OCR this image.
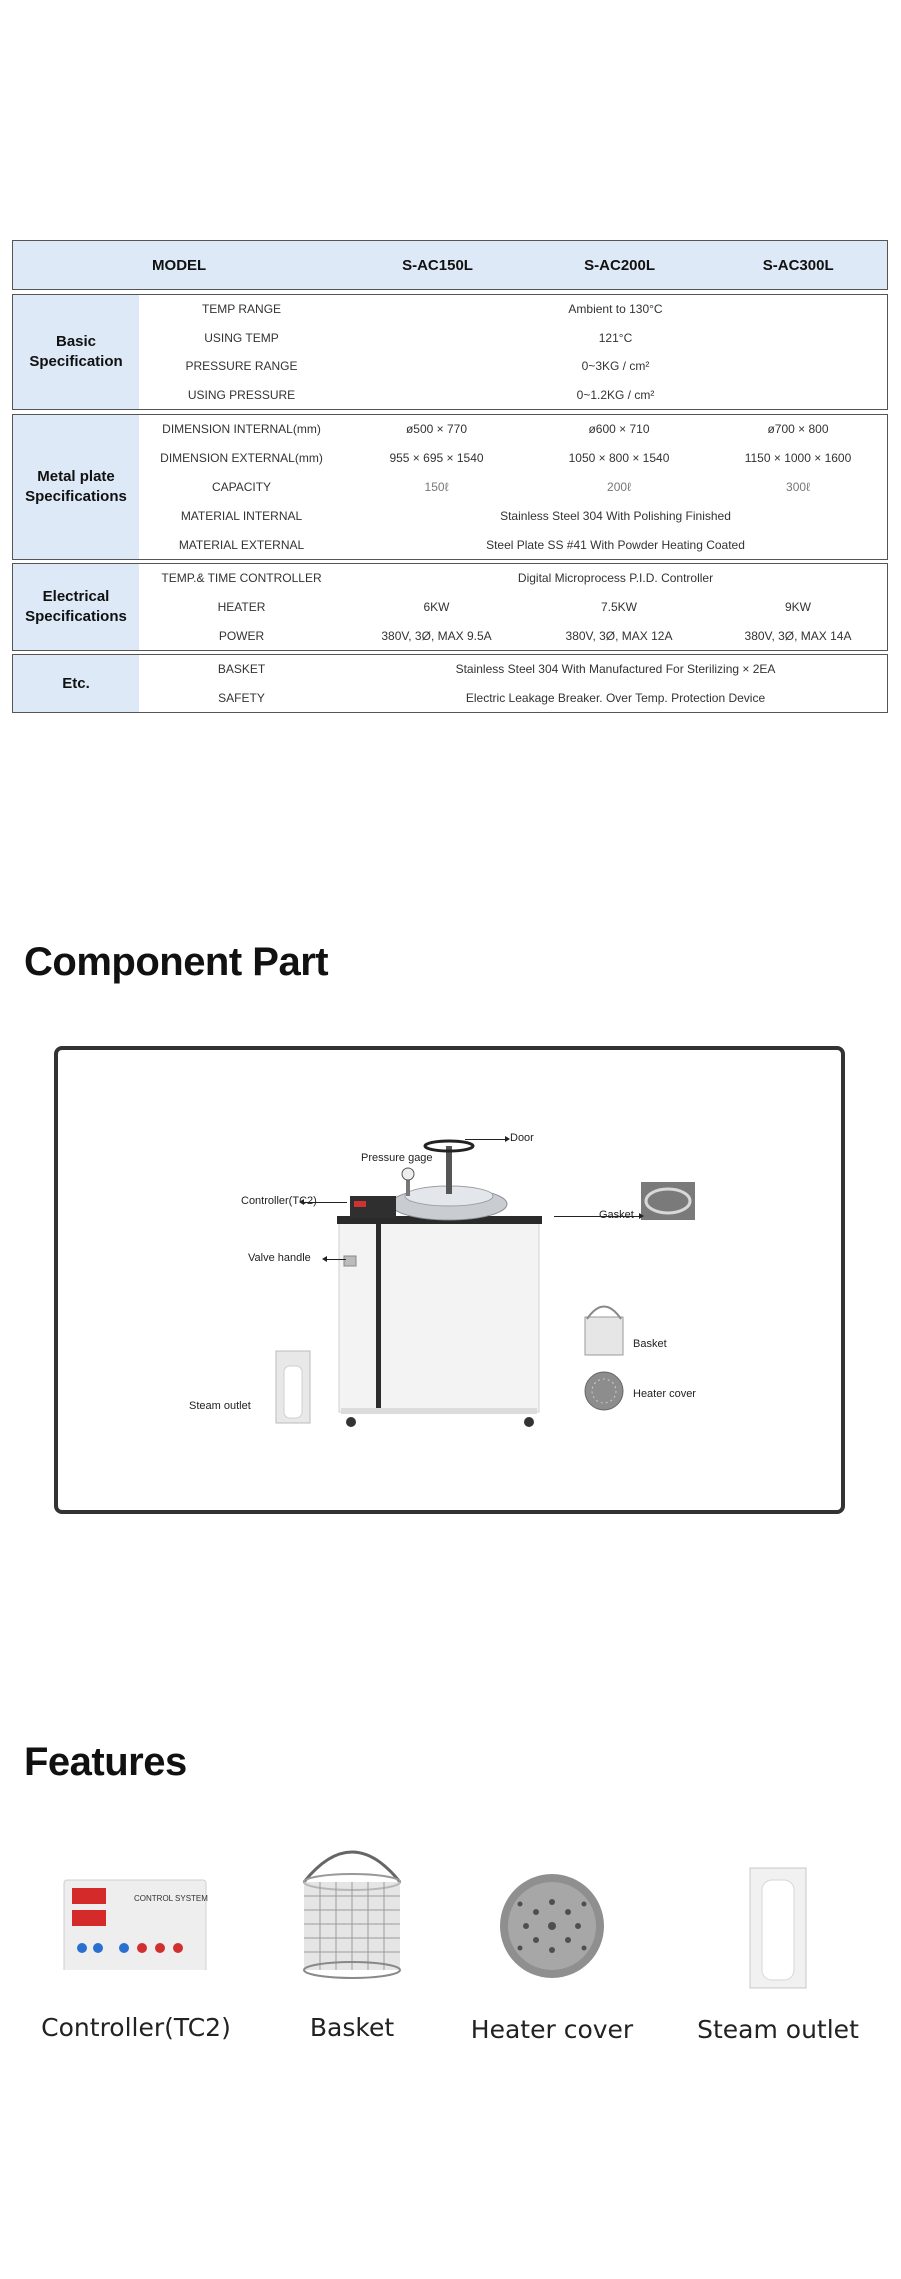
MODEL	S-AC150L	S-AC200L	S-AC300L
Basic Specification
TEMP RANGE	Ambient to 130°C
USING TEMP	121°C
PRESSURE RANGE	0~3KG / cm²
USING PRESSURE	0~1.2KG / cm²
Metal plate Specifications
DIMENSION INTERNAL(mm)	ø500 × 770	ø600 × 710	ø700 × 800
DIMENSION EXTERNAL(mm)	955 × 695 × 1540	1050 × 800 × 1540	1150 × 1000 × 1600
CAPACITY	150ℓ	200ℓ	300ℓ
MATERIAL INTERNAL	Stainless Steel 304 With Polishing Finished
MATERIAL EXTERNAL	Steel Plate SS #41 With Powder Heating Coated
Electrical Specifications
TEMP.& TIME CONTROLLER	Digital Microprocess P.I.D. Controller
HEATER	6KW	7.5KW	9KW
POWER	380V, 3Ø, MAX 9.5A	380V, 3Ø, MAX 12A	380V, 3Ø, MAX 14A
Etc.
BASKET	Stainless Steel 304 With Manufactured For Sterilizing × 2EA
SAFETY	Electric Leakage Breaker. Over Temp. Protection Device
Component Part
Door
Pressure gage
Controller(TC2)
Gasket
Valve handle
Basket
Heater cover
Steam outlet
Features
CONTROL SYSTEM
Controller(TC2)	Basket	Heater cover	Steam outlet
